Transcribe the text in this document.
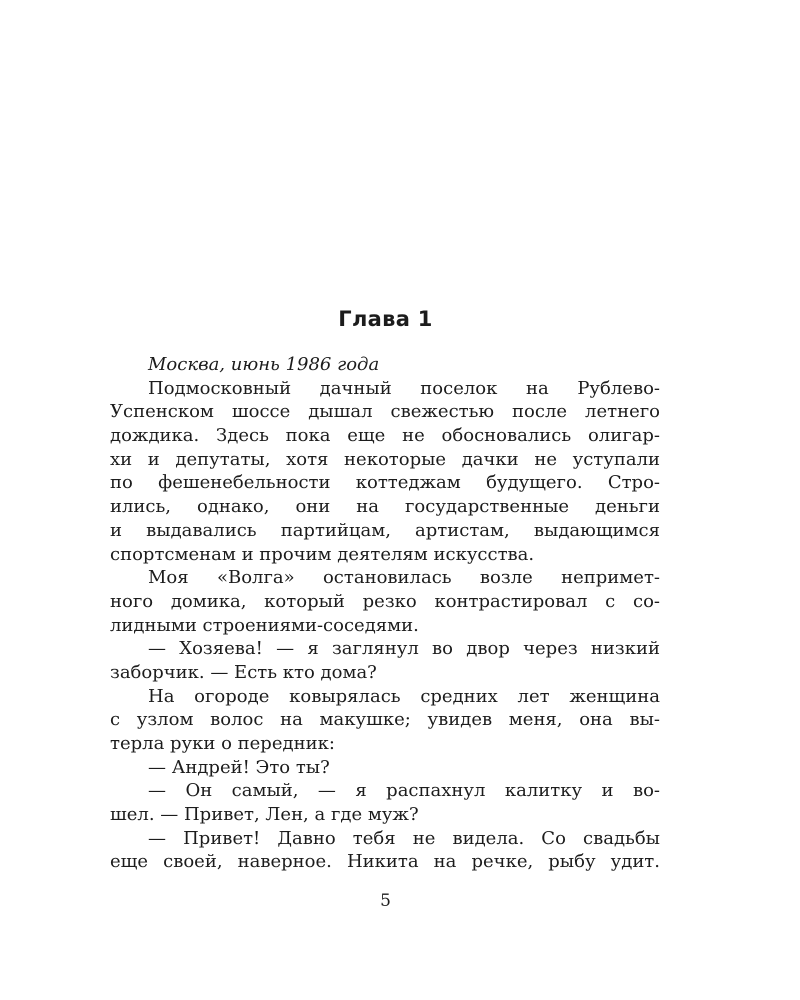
Глава 1
Москва, июнь 1986 года
Подмосковный дачный поселок на Рублево-
Успенском шоссе дышал свежестью после летнего
дождика. Здесь пока еще не обосновались олигар-
хи и депутаты, хотя некоторые дачки не уступали
по фешенебельности коттеджам будущего. Стро-
ились, однако, они на государственные деньги
и выдавались партийцам, артистам, выдающимся
спортсменам и прочим деятелям искусства.
Моя «Волга» остановилась возле непримет-
ного домика, который резко контрастировал с со-
лидными строениями-соседями.
— Хозяева! — я заглянул во двор через низкий
заборчик. — Есть кто дома?
На огороде ковырялась средних лет женщина
с узлом волос на макушке; увидев меня, она вы-
терла руки о передник:
— Андрей! Это ты?
— Он самый, — я распахнул калитку и во-
шел. — Привет, Лен, а где муж?
— Привет! Давно тебя не видела. Со свадьбы
еще своей, наверное. Никита на речке, рыбу удит.
5
